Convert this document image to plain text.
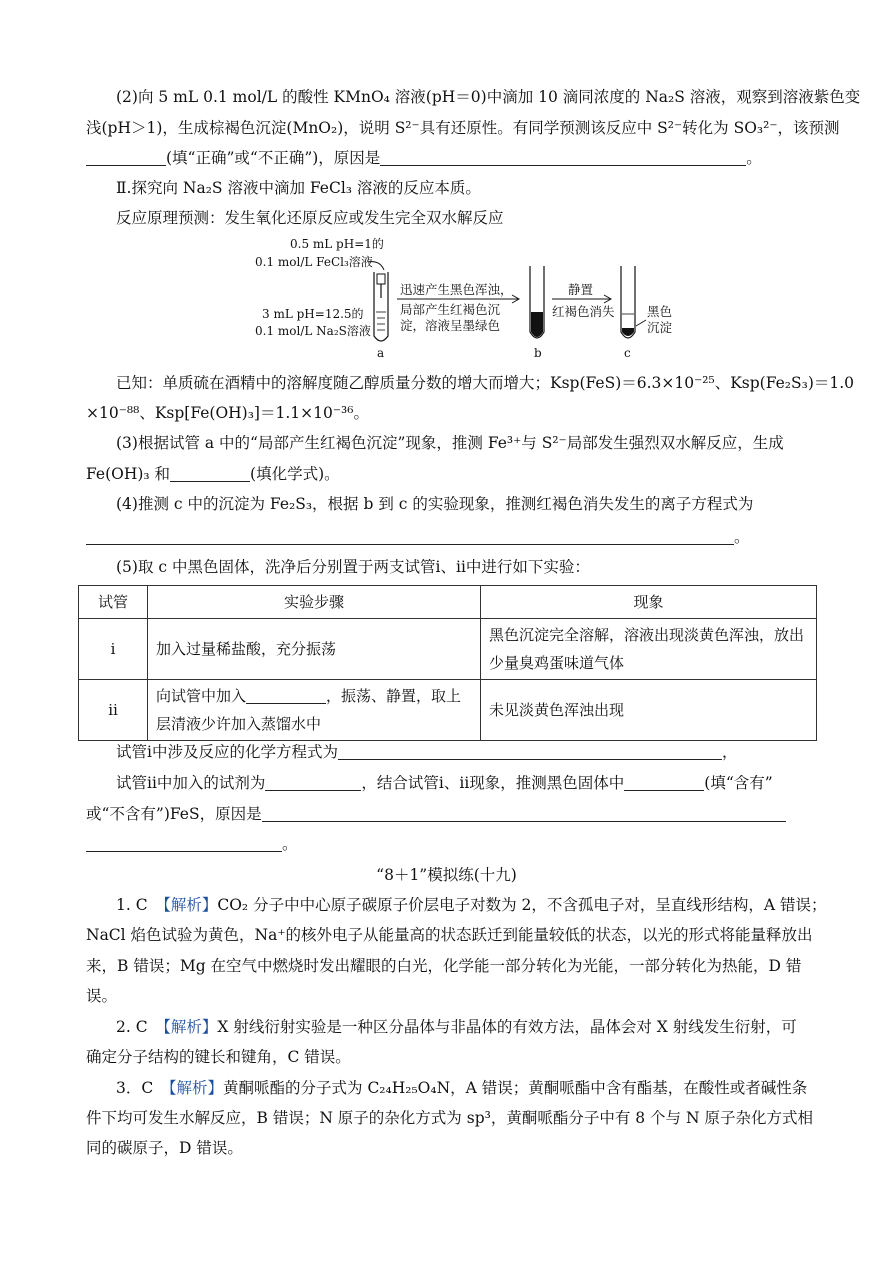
(2)向 5 mL 0.1 mol/L 的酸性 KMnO₄ 溶液(pH＝0)中滴加 10 滴同浓度的 Na₂S 溶液，观察到溶液紫色变
浅(pH＞1)，生成棕褐色沉淀(MnO₂)，说明 S²⁻具有还原性。有同学预测该反应中 S²⁻转化为 SO₃²⁻，该预测
(填“正确”或“不正确”)，原因是	。
Ⅱ.探究向 Na₂S 溶液中滴加 FeCl₃ 溶液的反应本质。
反应原理预测：发生氧化还原反应或发生完全双水解反应
0.5 mL pH=1的
0.1 mol/L FeCl₃溶液
3 mL pH=12.5的
0.1 mol/L Na₂S溶液
a
迅速产生黑色浑浊，
局部产生红褐色沉
淀，溶液呈墨绿色
b
静置
红褐色消失	黑色
沉淀
c
已知：单质硫在酒精中的溶解度随乙醇质量分数的增大而增大；Ksp(FeS)＝6.3×10⁻²⁵、Ksp(Fe₂S₃)＝1.0
×10⁻⁸⁸、Ksp[Fe(OH)₃]＝1.1×10⁻³⁶。
(3)根据试管 a 中的“局部产生红褐色沉淀”现象，推测 Fe³⁺与 S²⁻局部发生强烈双水解反应，生成
Fe(OH)₃ 和	(填化学式)。
(4)推测 c 中的沉淀为 Fe₂S₃，根据 b 到 c 的实验现象，推测红褐色消失发生的离子方程式为
。
(5)取 c 中黑色固体，洗净后分别置于两支试管ⅰ、ⅱ中进行如下实验：
试管	实验步骤	现象
ⅰ	加入过量稀盐酸，充分振荡	黑色沉淀完全溶解，溶液出现淡黄色浑浊，放出少量臭鸡蛋味道气体
ⅱ	向试管中加入 ，振荡、静置，取上层清液少许加入蒸馏水中	未见淡黄色浑浊出现
试管ⅰ中涉及反应的化学方程式为	，
试管ⅱ中加入的试剂为	，结合试管ⅰ、ⅱ现象，推测黑色固体中	(填“含有”
或“不含有”)FeS，原因是
。
“8＋1”模拟练(十九)
1. C　 【解析】CO₂ 分子中中心原子碳原子价层电子对数为 2，不含孤电子对，呈直线形结构，A 错误；
NaCl 焰色试验为黄色，Na⁺的核外电子从能量高的状态跃迁到能量较低的状态，以光的形式将能量释放出
来，B 错误；Mg 在空气中燃烧时发出耀眼的白光，化学能一部分转化为光能，一部分转化为热能，D 错
误。
2. C　 【解析】X 射线衍射实验是一种区分晶体与非晶体的有效方法，晶体会对 X 射线发生衍射，可
确定分子结构的键长和键角，C 错误。
3．C　 【解析】黄酮哌酯的分子式为 C₂₄H₂₅O₄N，A 错误；黄酮哌酯中含有酯基，在酸性或者碱性条
件下均可发生水解反应，B 错误；N 原子的杂化方式为 sp³，黄酮哌酯分子中有 8 个与 N 原子杂化方式相
同的碳原子，D 错误。
